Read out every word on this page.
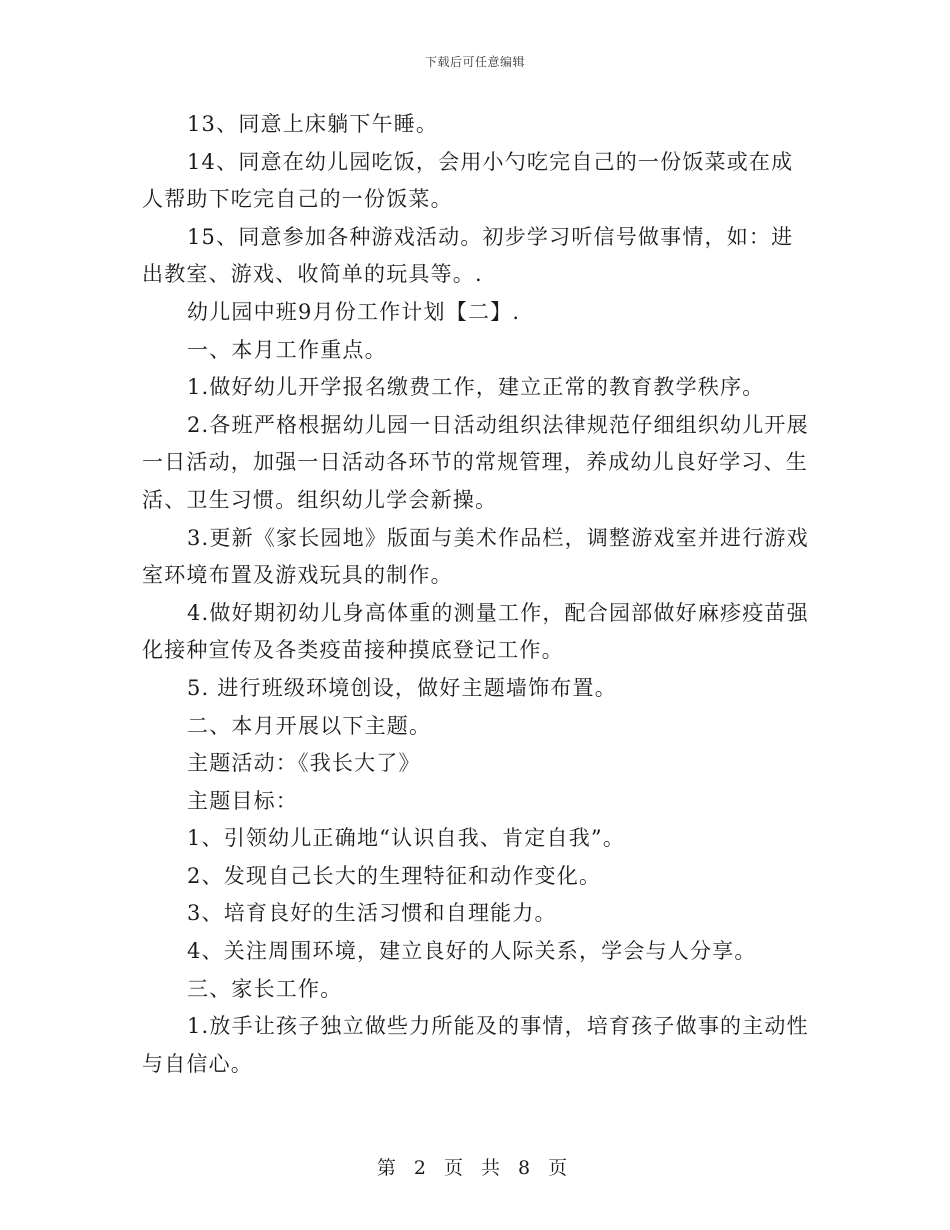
下载后可任意编辑

13、同意上床躺下午睡。

14、同意在幼儿园吃饭，会用小勺吃完自己的一份饭菜或在成人帮助下吃完自己的一份饭菜。

15、同意参加各种游戏活动。初步学习听信号做事情，如：进出教室、游戏、收简单的玩具等。.

幼儿园中班9月份工作计划【二】.

一、本月工作重点。

1.做好幼儿开学报名缴费工作，建立正常的教育教学秩序。

2.各班严格根据幼儿园一日活动组织法律规范仔细组织幼儿开展一日活动，加强一日活动各环节的常规管理，养成幼儿良好学习、生活、卫生习惯。组织幼儿学会新操。

3.更新《家长园地》版面与美术作品栏，调整游戏室并进行游戏室环境布置及游戏玩具的制作。

4.做好期初幼儿身高体重的测量工作，配合园部做好麻疹疫苗强化接种宣传及各类疫苗接种摸底登记工作。

5. 进行班级环境创设，做好主题墙饰布置。

二、本月开展以下主题。

主题活动：《我长大了》

主题目标：

1、引领幼儿正确地“认识自我、肯定自我”。

2、发现自己长大的生理特征和动作变化。

3、培育良好的生活习惯和自理能力。

4、关注周围环境，建立良好的人际关系，学会与人分享。

三、家长工作。

1.放手让孩子独立做些力所能及的事情，培育孩子做事的主动性与自信心。

第 2 页 共 8 页
